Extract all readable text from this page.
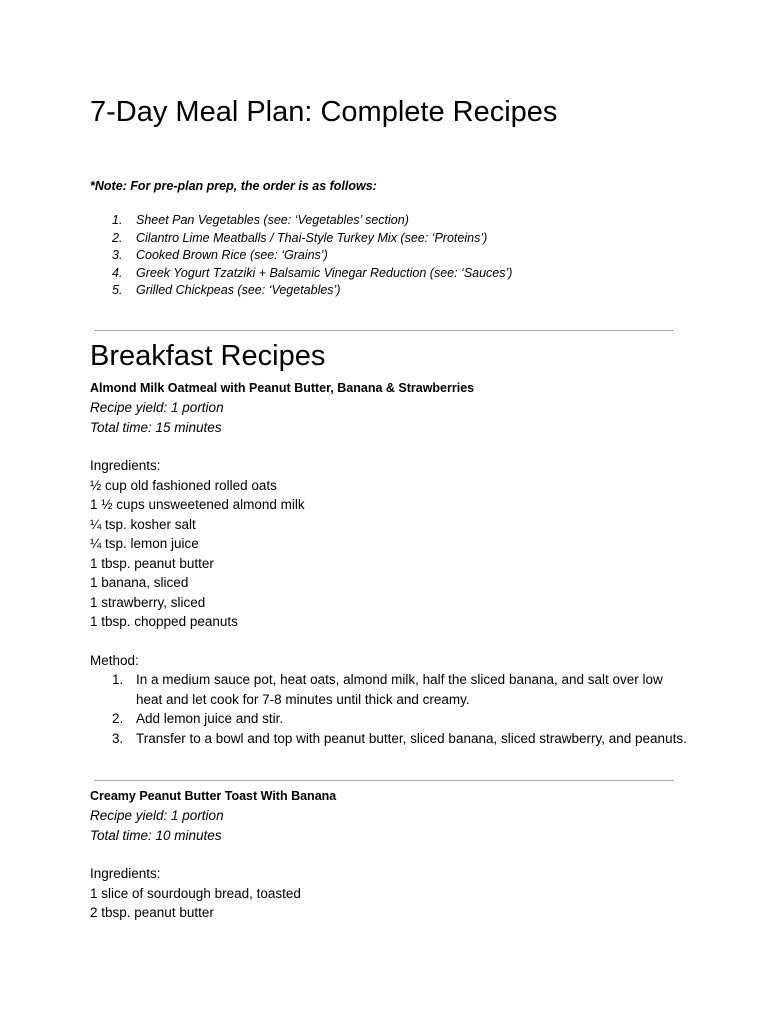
7-Day Meal Plan: Complete Recipes
*Note: For pre-plan prep, the order is as follows:
1. Sheet Pan Vegetables (see: ‘Vegetables’ section)
2. Cilantro Lime Meatballs / Thai-Style Turkey Mix (see: ‘Proteins’)
3. Cooked Brown Rice (see: ‘Grains’)
4. Greek Yogurt Tzatziki + Balsamic Vinegar Reduction (see: ‘Sauces’)
5. Grilled Chickpeas (see: ‘Vegetables’)
Breakfast Recipes
Almond Milk Oatmeal with Peanut Butter, Banana & Strawberries
Recipe yield: 1 portion
Total time: 15 minutes
Ingredients:
½ cup old fashioned rolled oats
1 ½ cups unsweetened almond milk
¼ tsp. kosher salt
¼ tsp. lemon juice
1 tbsp. peanut butter
1 banana, sliced
1 strawberry, sliced
1 tbsp. chopped peanuts
Method:
1. In a medium sauce pot, heat oats, almond milk, half the sliced banana, and salt over low heat and let cook for 7-8 minutes until thick and creamy.
2. Add lemon juice and stir.
3. Transfer to a bowl and top with peanut butter, sliced banana, sliced strawberry, and peanuts.
Creamy Peanut Butter Toast With Banana
Recipe yield: 1 portion
Total time: 10 minutes
Ingredients:
1 slice of sourdough bread, toasted
2 tbsp. peanut butter
